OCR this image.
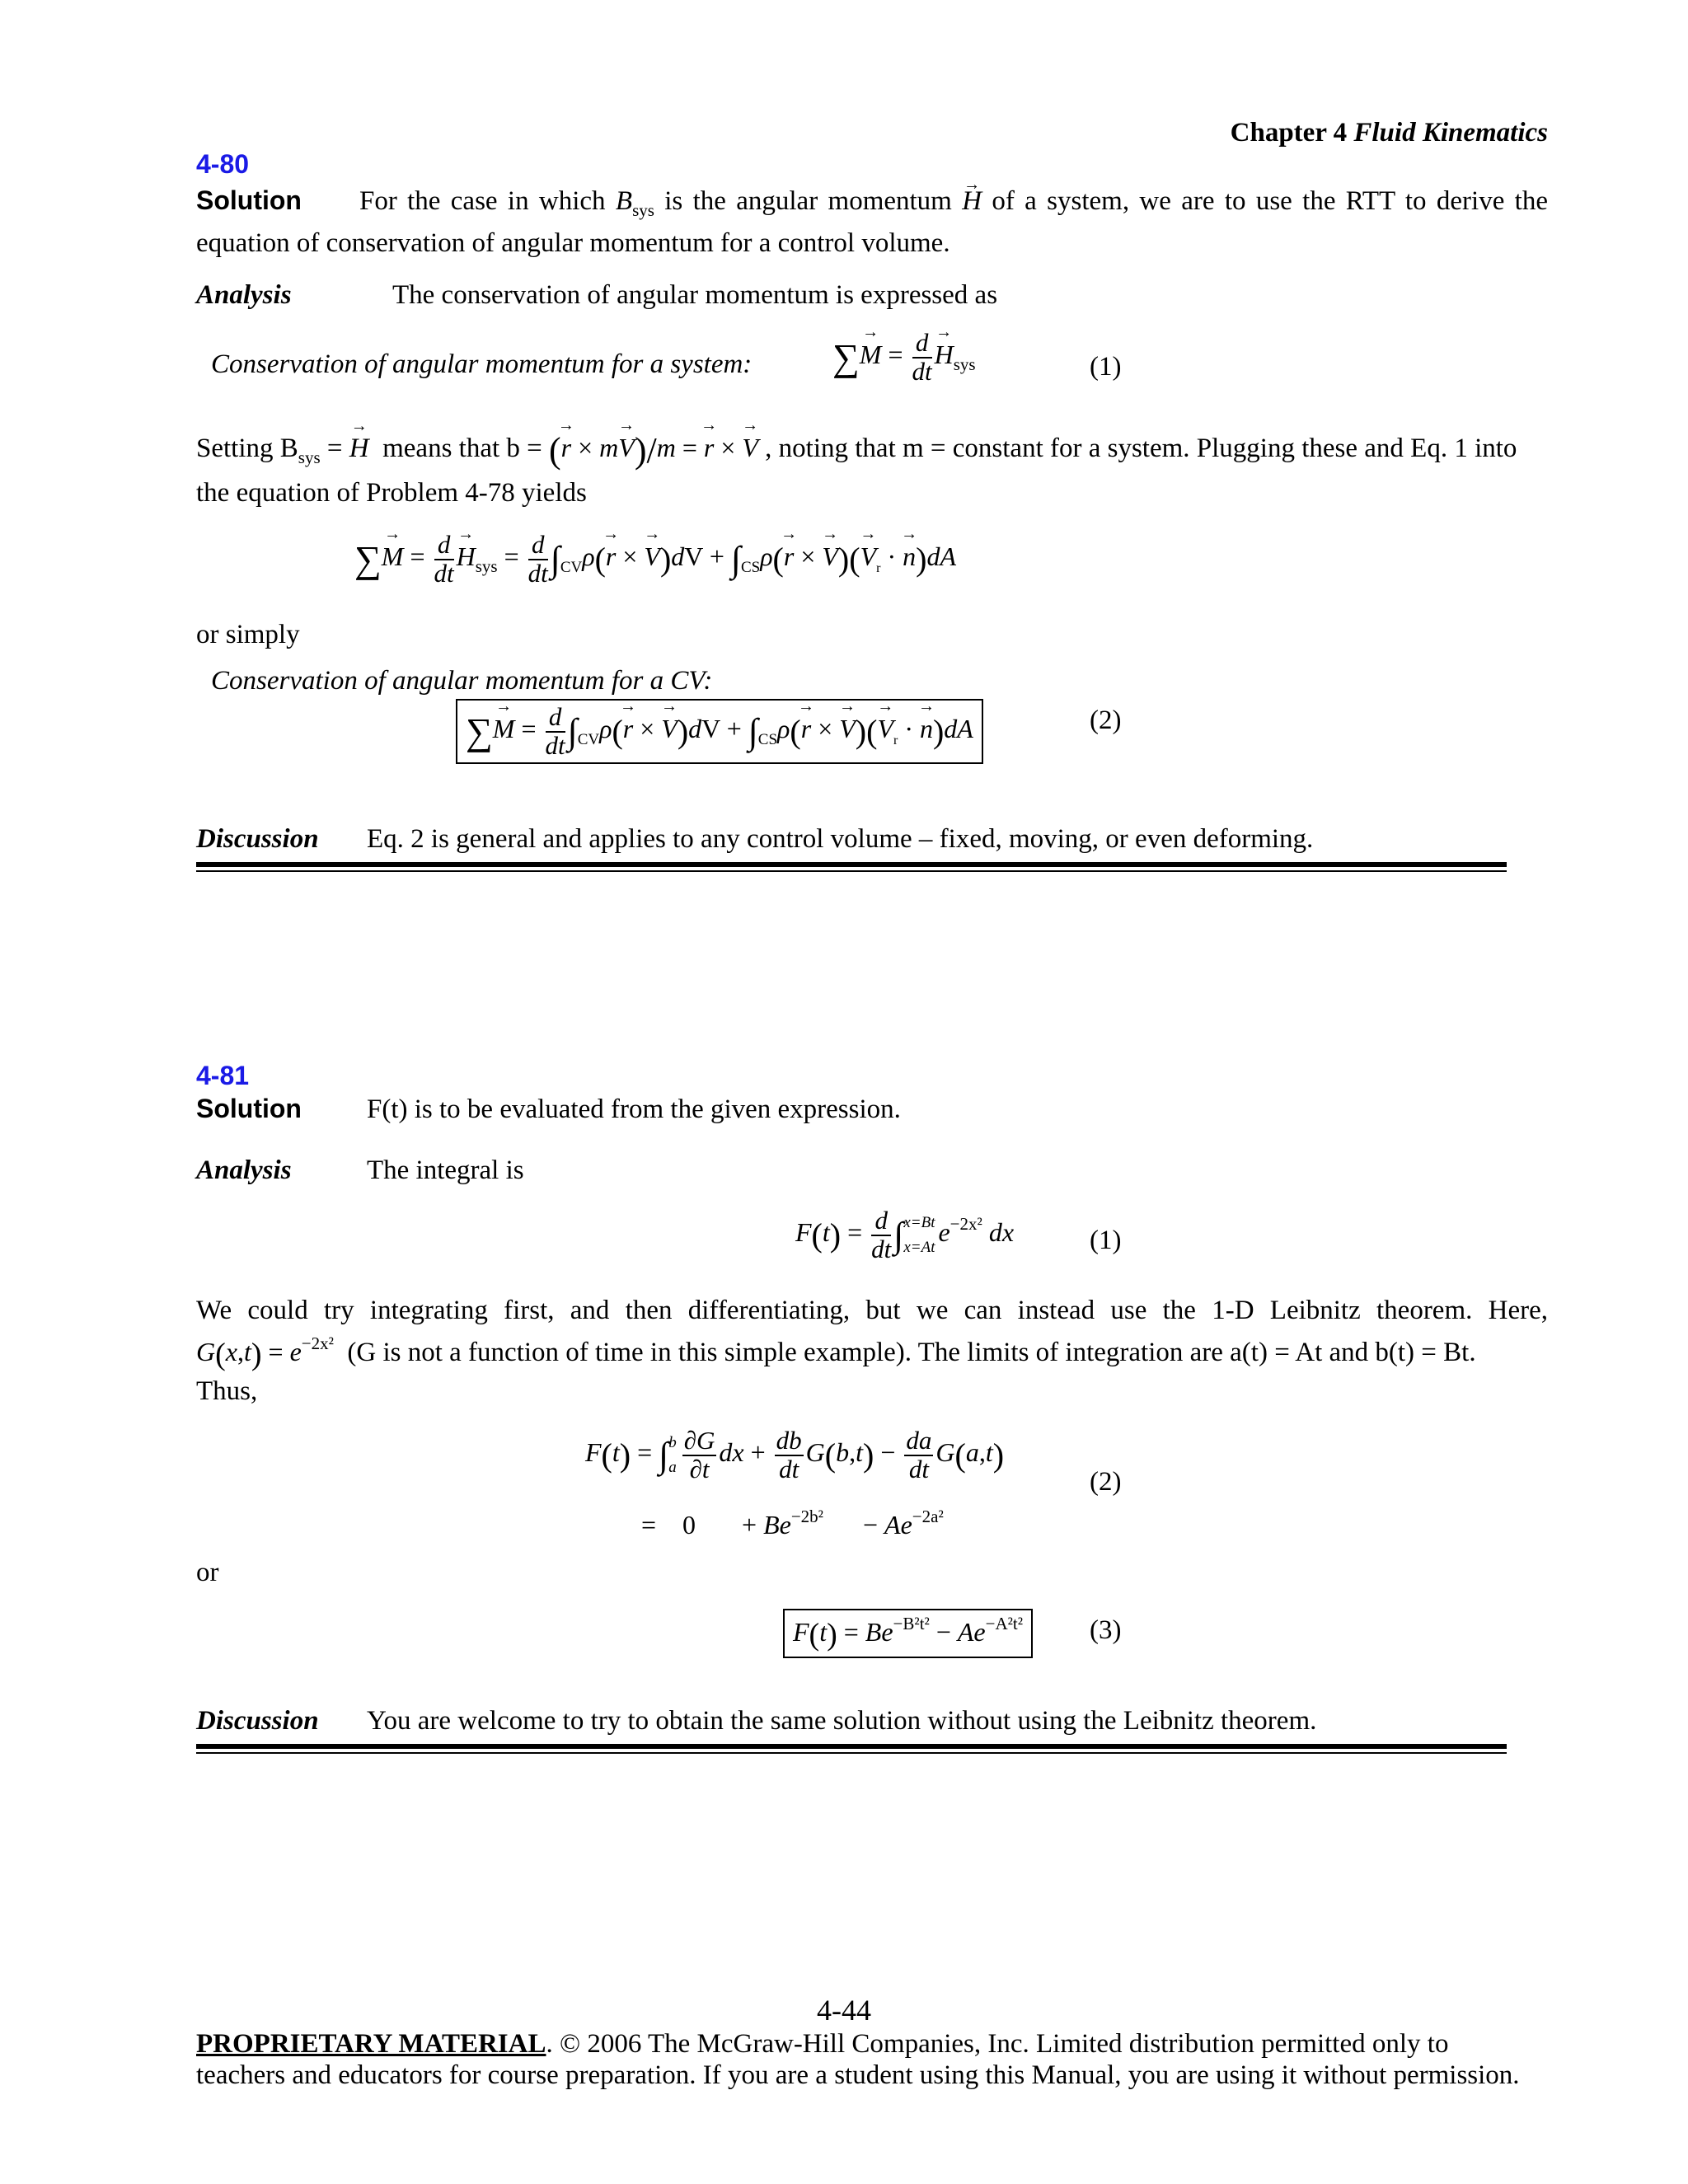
Chapter 4 Fluid Kinematics
4-80
Solution For the case in which $B_{sys}$ is the angular momentum → H of a system, we are to use the RTT to derive the equation of conservation of angular momentum for a control volume.
Analysis	The conservation of angular momentum is expressed as
Conservation of angular momentum for a system: ∑→ $M = \frac{d}{dt}$
→ $H_{sys}$	(1)
Setting $B_{sys}$ = → H means that b = (→ r × m→ V)/m = → r × → V , noting that m = constant for a system. Plugging these and Eq. 1 into
the equation of Problem 4-78 yields
∑→ $M = \frac{d}{dt}$
→ $H_{sys} = \frac{d}{dt} \int_{CV}\rho(\to r$ × → $V)dV + \int_{CS}\rho(\to r$ × → $V)(\to V_r$ · → n)dA
or simply
Conservation of angular momentum for a CV:
∑→ $M = \frac{d}{dt} \int_{CV}\rho(\to r$ × → $V)dV + \int_{CS}\rho(\to r$ × → $V)(\to V_r$ · → n)dA	(2)
Discussion Eq. 2 is general and applies to any control volume – fixed, moving, or even deforming.
4-81
Solution F(t) is to be evaluated from the given expression.
Analysis	The integral is
$F(t) = \frac{d}{dt}$ ∫ x=Bt
x=At
$e^{-2x^2}$ dx	(1)
We could try integrating first, and then differentiating, but we can instead use the 1-D Leibnitz theorem. Here,
$G(x,t) = e^{-2x^2}$ (G is not a function of time in this simple example). The limits of integration are a(t) = At and b(t) = Bt.
Thus,
F(t) = ∫ b
a $\frac{\partial G}{\partial t}$ dx + $\frac{db}{dt} G(b,t) - \frac{da}{dt} G(a,t)$
(2)
=    0       + $Be^{-2b^2}$      − $Ae^{-2a^2}$
or
$F(t) = Be^{-B^2t^2} - Ae^{-A^2t^2}$	(3)
Discussion You are welcome to try to obtain the same solution without using the Leibnitz theorem.
4-44
PROPRIETARY MATERIAL. © 2006 The McGraw-Hill Companies, Inc. Limited distribution permitted only to
teachers and educators for course preparation. If you are a student using this Manual, you are using it without permission.
